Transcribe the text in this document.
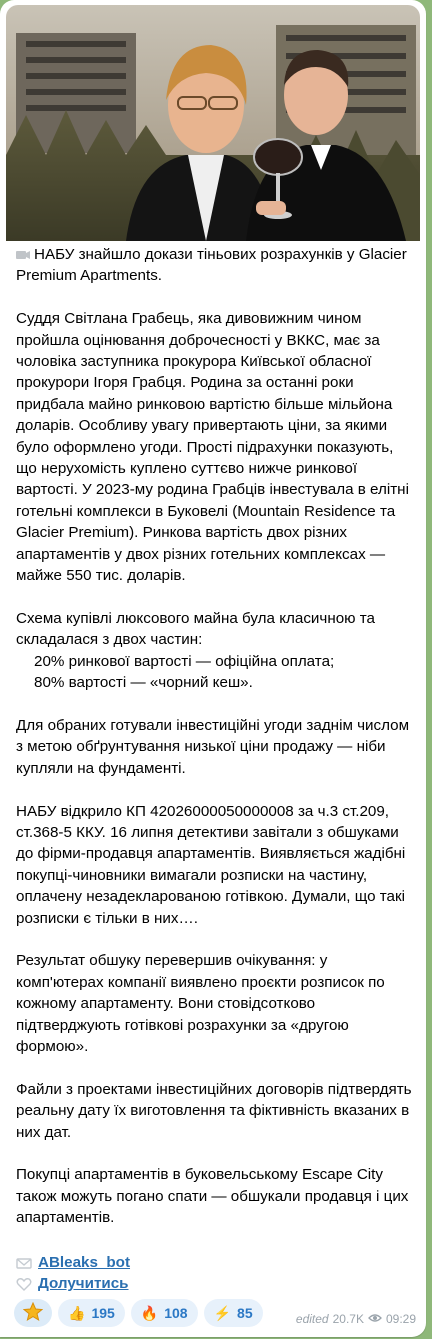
НАБУ знайшло докази тіньових розрахунків у Glacier Premium Apartments.

Суддя Світлана Грабець, яка дивовижним чином пройшла оцінювання доброчесності у ВККС, має за чоловіка заступника прокурора Київської обласної прокурори Ігоря Грабця. Родина за останні роки придбала майно ринковою вартістю більше мільйона доларів. Особливу увагу привертають ціни, за якими було оформлено угоди. Прості підрахунки показують, що нерухомість куплено суттєво нижче ринкової вартості. У 2023-му родина Грабців інвестувала в елітні готельні комплекси в Буковелі (Mountain Residence та Glacier Premium). Ринкова вартість двох різних апартаментів у двох різних готельних комплексах — майже 550 тис. доларів.

Схема купівлі люксового майна була класичною та складалася з двох частин:

20% ринкової вартості — офіційна оплата;

80% вартості — «чорний кеш».

Для обраних готували інвестиційні угоди заднім числом з метою обґрунтування низької ціни продажу — ніби купляли на фундаменті.

НАБУ відкрило КП 42026000050000008 за ч.3 ст.209, ст.368-5 ККУ. 16 липня детективи завітали з обшуками до фірми-продавця апартаментів. Виявляється жадібні покупці-чиновники вимагали розписки на частину, оплачену незадекларованою готівкою. Думали, що такі розписки є тільки в них….

Результат обшуку перевершив очікування: у комп'ютерах компанії виявлено проєкти розписок по кожному апартаменту. Вони стовідсотково підтверджують готівкові розрахунки за «другою формою».

Файли з проектами інвестиційних договорів підтвердять реальну дату їх виготовлення та фіктивність вказаних в них дат.

Покупці апартаментів в буковельському Escape City також можуть погано спати — обшукали продавця і цих апартаментів.

ABleaks_bot
Долучитись
👍 195 🔥 108 ⚡ 85	edited 20.7K 09:29
